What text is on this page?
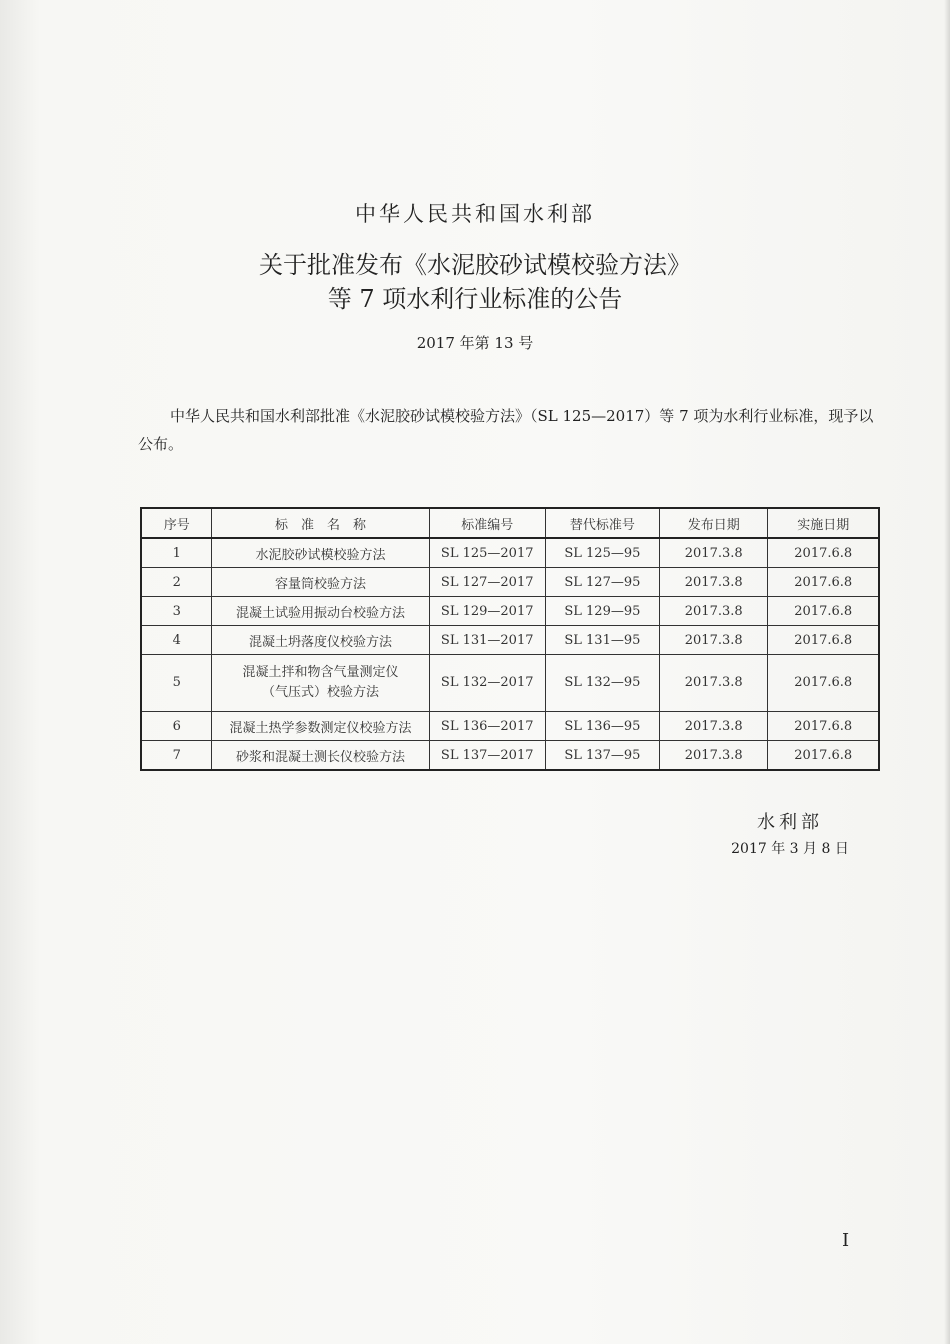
中华人民共和国水利部
关于批准发布《水泥胶砂试模校验方法》
等 7 项水利行业标准的公告
2017 年第 13 号
中华人民共和国水利部批准《水泥胶砂试模校验方法》（SL 125—2017）等 7 项为水利行业标准，现予以公布。
序号	标　准　名　称	标准编号	替代标准号	发布日期	实施日期
1	水泥胶砂试模校验方法	SL 125—2017	SL 125—95	2017.3.8	2017.6.8
2	容量筒校验方法	SL 127—2017	SL 127—95	2017.3.8	2017.6.8
3	混凝土试验用振动台校验方法	SL 129—2017	SL 129—95	2017.3.8	2017.6.8
4	混凝土坍落度仪校验方法	SL 131—2017	SL 131—95	2017.3.8	2017.6.8
5	混凝土拌和物含气量测定仪
（气压式）校验方法	SL 132—2017	SL 132—95	2017.3.8	2017.6.8
6	混凝土热学参数测定仪校验方法	SL 136—2017	SL 136—95	2017.3.8	2017.6.8
7	砂浆和混凝土测长仪校验方法	SL 137—2017	SL 137—95	2017.3.8	2017.6.8
水利部
2017 年 3 月 8 日
I
